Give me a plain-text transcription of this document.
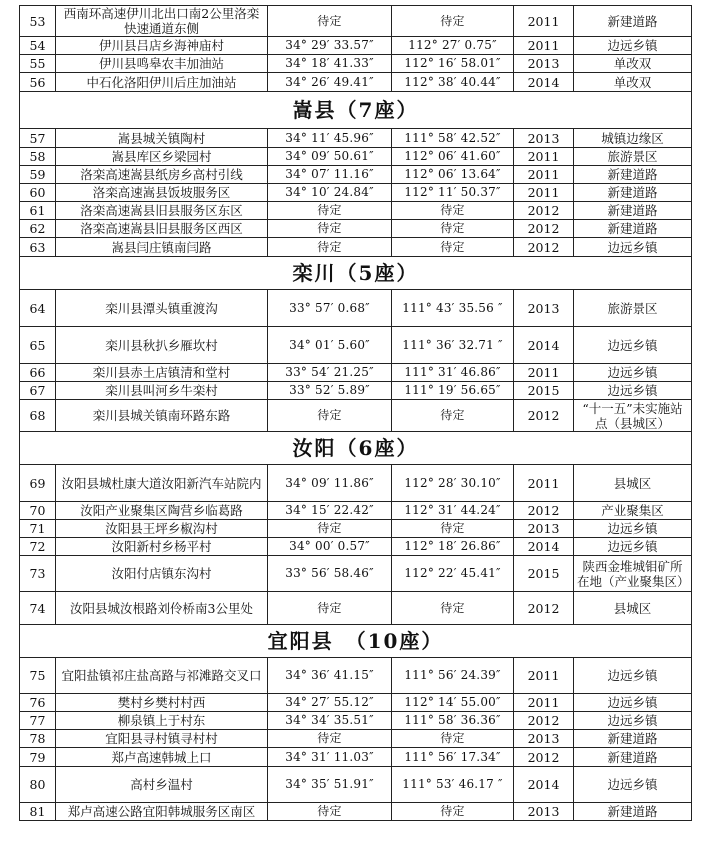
53	西南环高速伊川北出口南2公里洛栾快速通道东侧	待定	待定	2011	新建道路
54	伊川县吕店乡海神庙村	34° 29′ 33.57″	112° 27′ 0.75″	2011	边远乡镇
55	伊川县鸣皋农丰加油站	34° 18′ 41.33″	112° 16′ 58.01″	2013	单改双
56	中石化洛阳伊川后庄加油站	34° 26′ 49.41″	112° 38′ 40.44″	2014	单改双
嵩县（7座）					
57	嵩县城关镇陶村	34° 11′ 45.96″	111° 58′ 42.52″	2013	城镇边缘区
58	嵩县库区乡梁园村	34° 09′ 50.61″	112° 06′ 41.60″	2011	旅游景区
59	洛栾高速嵩县纸房乡高村引线	34° 07′ 11.16″	112° 06′ 13.64″	2011	新建道路
60	洛栾高速嵩县饭坡服务区	34° 10′ 24.84″	112° 11′ 50.37″	2011	新建道路
61	洛栾高速嵩县旧县服务区东区	待定	待定	2012	新建道路
62	洛栾高速嵩县旧县服务区西区	待定	待定	2012	新建道路
63	嵩县闫庄镇南闫路	待定	待定	2012	边远乡镇
栾川（5座）					
64	栾川县潭头镇重渡沟	33° 57′ 0.68″	111° 43′ 35.56 ″	2013	旅游景区
65	栾川县秋扒乡雁坎村	34° 01′ 5.60″	111° 36′ 32.71 ″	2014	边远乡镇
66	栾川县赤土店镇清和堂村	33° 54′ 21.25″	111° 31′ 46.86″	2011	边远乡镇
67	栾川县叫河乡牛栾村	33° 52′ 5.89″	111° 19′ 56.65″	2015	边远乡镇
68	栾川县城关镇南环路东路	待定	待定	2012	“十一五”未实施站点（县城区）
汝阳（6座）					
69	汝阳县城杜康大道汝阳新汽车站院内	34° 09′ 11.86″	112° 28′ 30.10″	2011	县城区
70	汝阳产业聚集区陶营乡临葛路	34° 15′ 22.42″	112° 31′ 44.24″	2012	产业聚集区
71	汝阳县王坪乡椒沟村	待定	待定	2013	边远乡镇
72	汝阳新村乡杨平村	34° 00′ 0.57″	112° 18′ 26.86″	2014	边远乡镇
73	汝阳付店镇东沟村	33° 56′ 58.46″	112° 22′ 45.41″	2015	陕西金堆城钼矿所在地（产业聚集区）
74	汝阳县城汝根路刘伶桥南3公里处	待定	待定	2012	县城区
宜阳县　（10座）					
75	宜阳盐镇祁庄盐高路与祁滩路交叉口	34° 36′ 41.15″	111° 56′ 24.39″	2011	边远乡镇
76	樊村乡樊村村西	34° 27′ 55.12″	112° 14′ 55.00″	2011	边远乡镇
77	柳泉镇上于村东	34° 34′ 35.51″	111° 58′ 36.36″	2012	边远乡镇
78	宜阳县寻村镇寻村村	待定	待定	2013	新建道路
79	郑卢高速韩城上口	34° 31′ 11.03″	111° 56′ 17.34″	2012	新建道路
80	高村乡温村	34° 35′ 51.91″	111° 53′ 46.17 ″	2014	边远乡镇
81	郑卢高速公路宜阳韩城服务区南区	待定	待定	2013	新建道路
